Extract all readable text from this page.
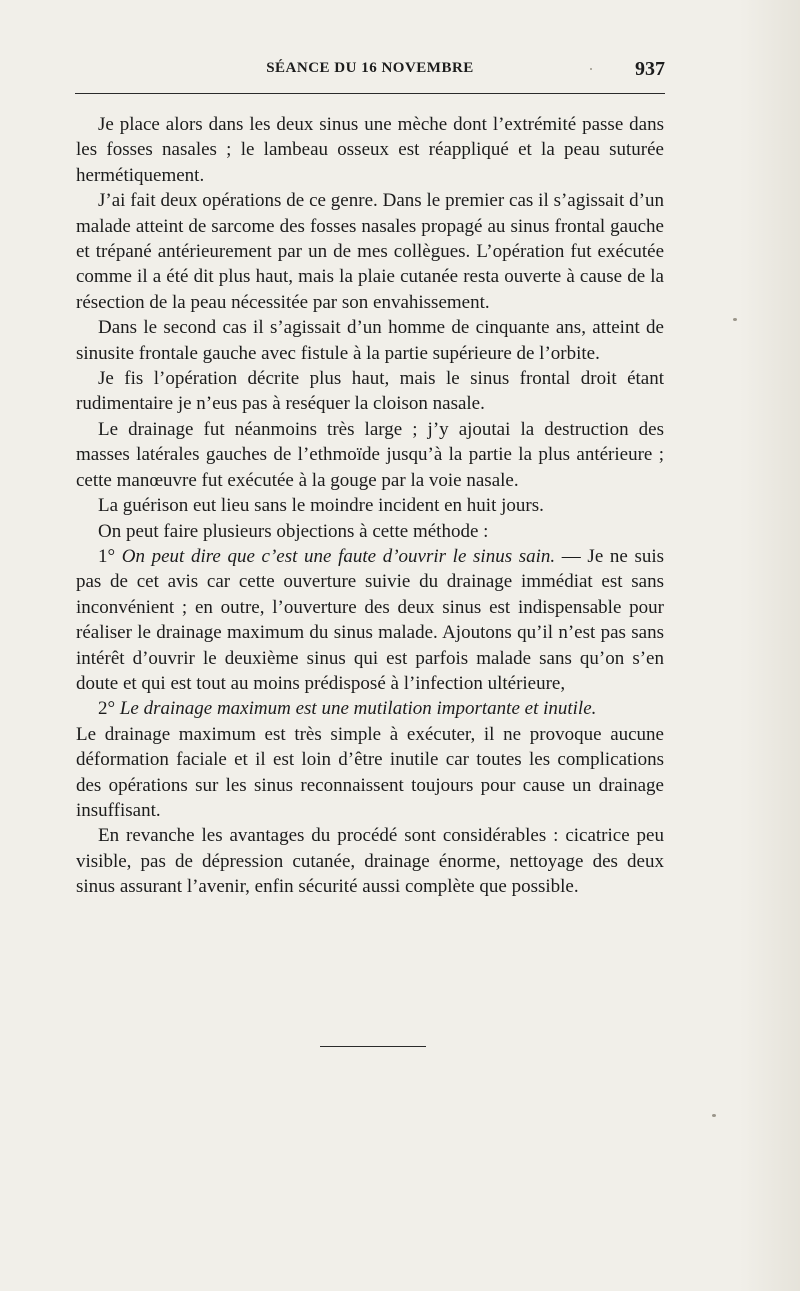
SÉANCE DU 16 NOVEMBRE	937

Je place alors dans les deux sinus une mèche dont l’extrémité passe dans les fosses nasales ; le lambeau osseux est réappliqué et la peau suturée hermétiquement.

J’ai fait deux opérations de ce genre. Dans le premier cas il s’agissait d’un malade atteint de sarcome des fosses nasales propagé au sinus frontal gauche et trépané antérieurement par un de mes collègues. L’opération fut exécutée comme il a été dit plus haut, mais la plaie cutanée resta ouverte à cause de la résection de la peau nécessitée par son envahissement.

Dans le second cas il s’agissait d’un homme de cinquante ans, atteint de sinusite frontale gauche avec fistule à la partie supérieure de l’orbite.

Je fis l’opération décrite plus haut, mais le sinus frontal droit étant rudimentaire je n’eus pas à reséquer la cloison nasale.

Le drainage fut néanmoins très large ; j’y ajoutai la destruction des masses latérales gauches de l’ethmoïde jusqu’à la partie la plus antérieure ; cette manœuvre fut exécutée à la gouge par la voie nasale.

La guérison eut lieu sans le moindre incident en huit jours.

On peut faire plusieurs objections à cette méthode :

1° On peut dire que c’est une faute d’ouvrir le sinus sain. — Je ne suis pas de cet avis car cette ouverture suivie du drainage immédiat est sans inconvénient ; en outre, l’ouverture des deux sinus est indispensable pour réaliser le drainage maximum du sinus malade. Ajoutons qu’il n’est pas sans intérêt d’ouvrir le deuxième sinus qui est parfois malade sans qu’on s’en doute et qui est tout au moins prédisposé à l’infection ultérieure,

2° Le drainage maximum est une mutilation importante et inutile.

Le drainage maximum est très simple à exécuter, il ne provoque aucune déformation faciale et il est loin d’être inutile car toutes les complications des opérations sur les sinus reconnaissent toujours pour cause un drainage insuffisant.

En revanche les avantages du procédé sont considérables : cicatrice peu visible, pas de dépression cutanée, drainage énorme, nettoyage des deux sinus assurant l’avenir, enfin sécurité aussi complète que possible.
